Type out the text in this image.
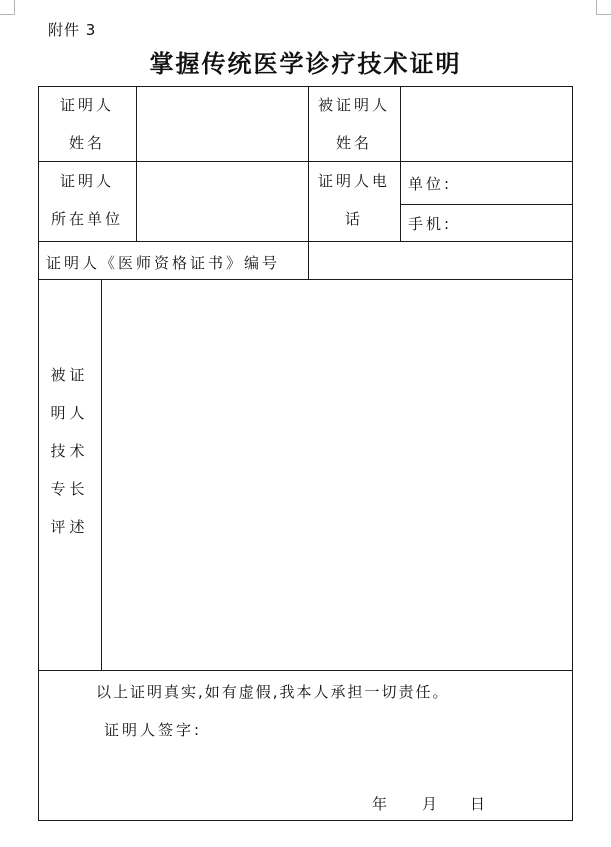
附件 3
掌握传统医学诊疗技术证明
证明人
姓名
被证明人
姓名
证明人
所在单位
证明人电
话
单位:
手机:
证明人《医师资格证书》编号
被证
明人
技术
专长
评述
以上证明真实,如有虚假,我本人承担一切责任。
证明人签字:
年 月 日
